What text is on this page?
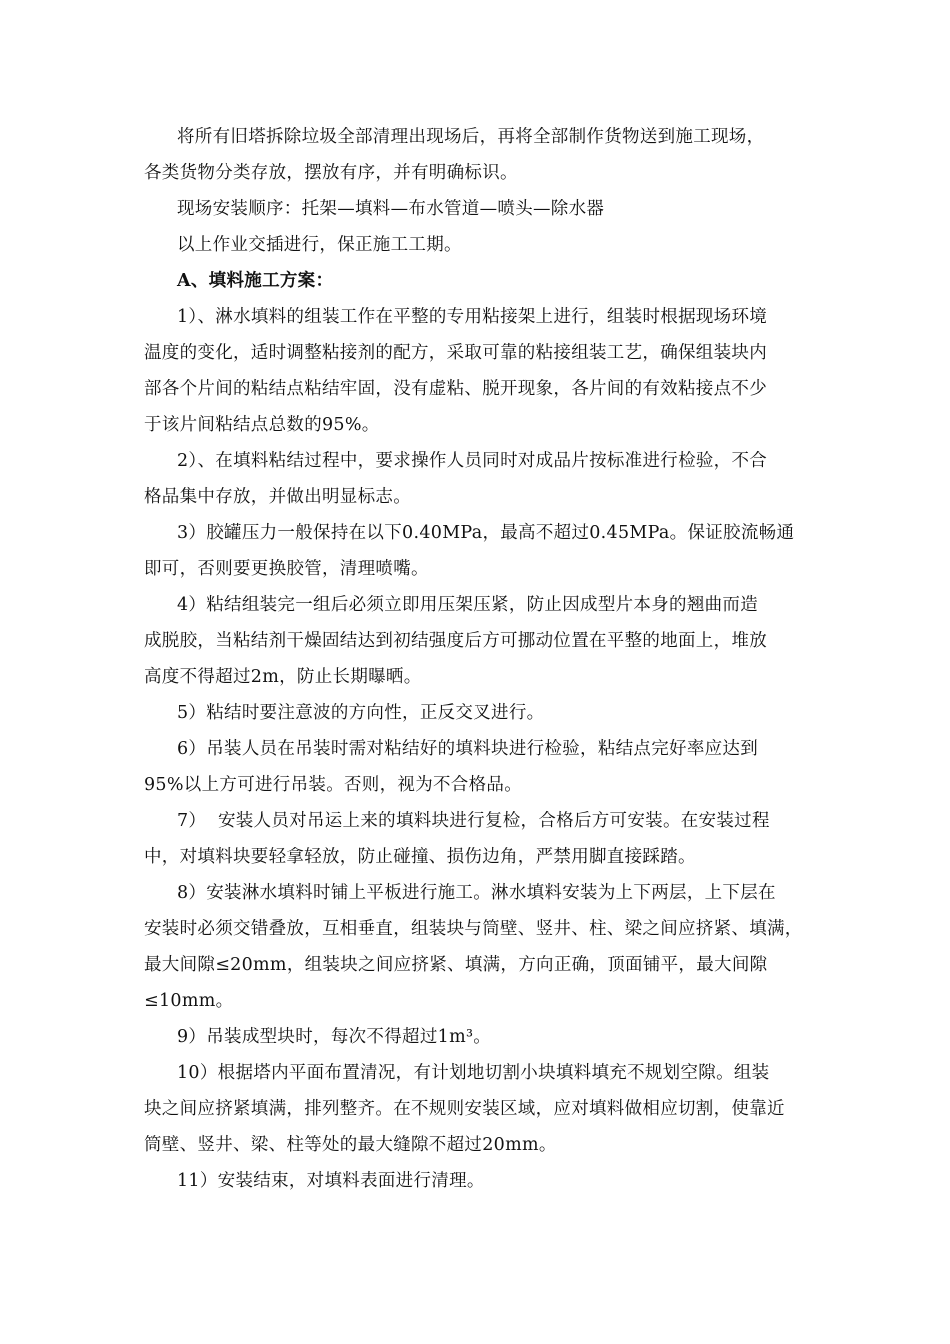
将所有旧塔拆除垃圾全部清理出现场后，再将全部制作货物送到施工现场，
各类货物分类存放，摆放有序，并有明确标识。
现场安装顺序：托架—填料—布水管道—喷头—除水器
以上作业交插进行，保正施工工期。
A、填料施工方案：
1）、淋水填料的组装工作在平整的专用粘接架上进行，组装时根据现场环境
温度的变化，适时调整粘接剂的配方，采取可靠的粘接组装工艺，确保组装块内
部各个片间的粘结点粘结牢固，没有虚粘、脱开现象，各片间的有效粘接点不少
于该片间粘结点总数的95%。
2）、在填料粘结过程中，要求操作人员同时对成品片按标准进行检验，不合
格品集中存放，并做出明显标志。
3）胶罐压力一般保持在以下0.40MPa，最高不超过0.45MPa。保证胶流畅通
即可，否则要更换胶管，清理喷嘴。
4）粘结组装完一组后必须立即用压架压紧，防止因成型片本身的翘曲而造
成脱胶，当粘结剂干燥固结达到初结强度后方可挪动位置在平整的地面上，堆放
高度不得超过2m，防止长期曝晒。
5）粘结时要注意波的方向性，正反交叉进行。
6）吊装人员在吊装时需对粘结好的填料块进行检验，粘结点完好率应达到
95%以上方可进行吊装。否则，视为不合格品。
7）  安装人员对吊运上来的填料块进行复检，合格后方可安装。在安装过程
中，对填料块要轻拿轻放，防止碰撞、损伤边角，严禁用脚直接踩踏。
8）安装淋水填料时铺上平板进行施工。淋水填料安装为上下两层，上下层在
安装时必须交错叠放，互相垂直，组装块与筒壁、竖井、柱、梁之间应挤紧、填满，
最大间隙≤20mm，组装块之间应挤紧、填满，方向正确，顶面铺平，最大间隙
≤10mm。
9）吊装成型块时，每次不得超过1m³。
10）根据塔内平面布置清况，有计划地切割小块填料填充不规划空隙。组装
块之间应挤紧填满，排列整齐。在不规则安装区域，应对填料做相应切割，使靠近
筒壁、竖井、梁、柱等处的最大缝隙不超过20mm。
11）安装结束，对填料表面进行清理。
